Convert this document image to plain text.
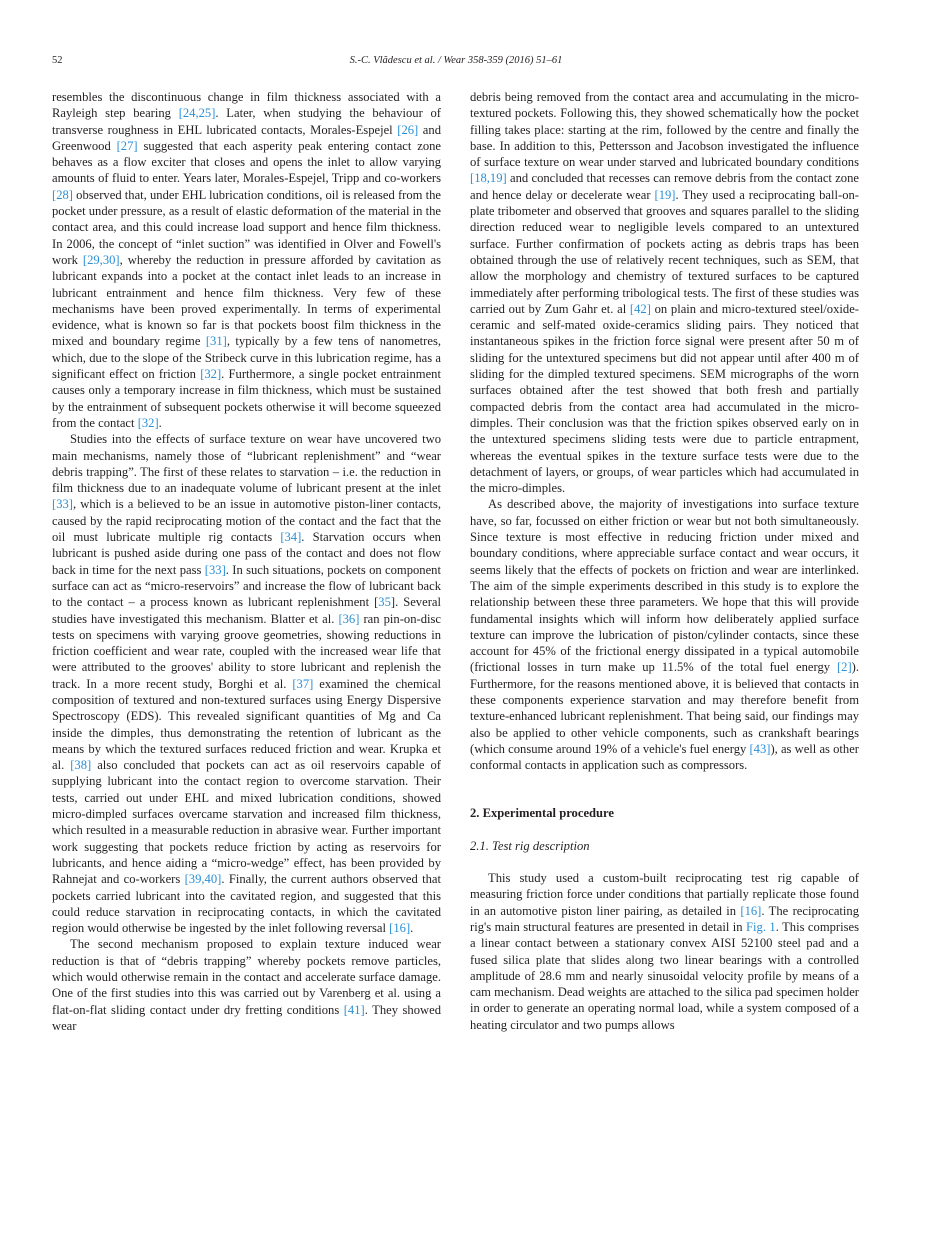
52	S.-C. Vlădescu et al. / Wear 358-359 (2016) 51–61

resembles the discontinuous change in film thickness associated with a Rayleigh step bearing [24,25]. Later, when studying the behaviour of transverse roughness in EHL lubricated contacts, Morales-Espejel [26] and Greenwood [27] suggested that each asperity peak entering contact zone behaves as a flow exciter that closes and opens the inlet to allow varying amounts of fluid to enter. Years later, Morales-Espejel, Tripp and co-workers [28] observed that, under EHL lubrication conditions, oil is released from the pocket under pressure, as a result of elastic deformation of the material in the contact area, and this could increase load support and hence film thickness. In 2006, the concept of “inlet suction” was identified in Olver and Fowell's work [29,30], whereby the reduction in pressure afforded by cavitation as lubricant expands into a pocket at the contact inlet leads to an increase in lubricant entrainment and hence film thickness. Very few of these mechanisms have been proved experimentally. In terms of experimental evidence, what is known so far is that pockets boost film thickness in the mixed and boundary regime [31], typically by a few tens of nanometres, which, due to the slope of the Stribeck curve in this lubrication regime, has a significant effect on friction [32]. Furthermore, a single pocket entrainment causes only a temporary increase in film thickness, which must be sustained by the entrainment of subsequent pockets otherwise it will become squeezed from the contact [32].

Studies into the effects of surface texture on wear have uncovered two main mechanisms, namely those of “lubricant replenishment” and “wear debris trapping”. The first of these relates to starvation – i.e. the reduction in film thickness due to an inadequate volume of lubricant present at the inlet [33], which is a believed to be an issue in automotive piston-liner contacts, caused by the rapid reciprocating motion of the contact and the fact that the oil must lubricate multiple rig contacts [34]. Starvation occurs when lubricant is pushed aside during one pass of the contact and does not flow back in time for the next pass [33]. In such situations, pockets on component surface can act as “micro-reservoirs” and increase the flow of lubricant back to the contact – a process known as lubricant replenishment [35]. Several studies have investigated this mechanism. Blatter et al. [36] ran pin-on-disc tests on specimens with varying groove geometries, showing reductions in friction coefficient and wear rate, coupled with the increased wear life that were attributed to the grooves' ability to store lubricant and replenish the track. In a more recent study, Borghi et al. [37] examined the chemical composition of textured and non-textured surfaces using Energy Dispersive Spectroscopy (EDS). This revealed significant quantities of Mg and Ca inside the dimples, thus demonstrating the retention of lubricant as the means by which the textured surfaces reduced friction and wear. Krupka et al. [38] also concluded that pockets can act as oil reservoirs capable of supplying lubricant into the contact region to overcome starvation. Their tests, carried out under EHL and mixed lubrication conditions, showed micro-dimpled surfaces overcame starvation and increased film thickness, which resulted in a measurable reduction in abrasive wear. Further important work suggesting that pockets reduce friction by acting as reservoirs for lubricants, and hence aiding a “micro-wedge” effect, has been provided by Rahnejat and co-workers [39,40]. Finally, the current authors observed that pockets carried lubricant into the cavitated region, and suggested that this could reduce starvation in reciprocating contacts, in which the cavitated region would otherwise be ingested by the inlet following reversal [16].

The second mechanism proposed to explain texture induced wear reduction is that of “debris trapping” whereby pockets remove particles, which would otherwise remain in the contact and accelerate surface damage. One of the first studies into this was carried out by Varenberg et al. using a flat-on-flat sliding contact under dry fretting conditions [41]. They showed wear

debris being removed from the contact area and accumulating in the micro-textured pockets. Following this, they showed schematically how the pocket filling takes place: starting at the rim, followed by the centre and finally the base. In addition to this, Pettersson and Jacobson investigated the influence of surface texture on wear under starved and lubricated boundary conditions [18,19] and concluded that recesses can remove debris from the contact zone and hence delay or decelerate wear [19]. They used a reciprocating ball-on-plate tribometer and observed that grooves and squares parallel to the sliding direction reduced wear to negligible levels compared to an untextured surface. Further confirmation of pockets acting as debris traps has been obtained through the use of relatively recent techniques, such as SEM, that allow the morphology and chemistry of textured surfaces to be captured immediately after performing tribological tests. The first of these studies was carried out by Zum Gahr et. al [42] on plain and micro-textured steel/oxide-ceramic and self-mated oxide-ceramics sliding pairs. They noticed that instantaneous spikes in the friction force signal were present after 50 m of sliding for the untextured specimens but did not appear until after 400 m of sliding for the dimpled textured specimens. SEM micrographs of the worn surfaces obtained after the test showed that both fresh and partially compacted debris from the contact area had accumulated in the micro-dimples. Their conclusion was that the friction spikes observed early on in the untextured specimens sliding tests were due to particle entrapment, whereas the eventual spikes in the texture surface tests were due to the detachment of layers, or groups, of wear particles which had accumulated in the micro-dimples.

As described above, the majority of investigations into surface texture have, so far, focussed on either friction or wear but not both simultaneously. Since texture is most effective in reducing friction under mixed and boundary conditions, where appreciable surface contact and wear occurs, it seems likely that the effects of pockets on friction and wear are interlinked. The aim of the simple experiments described in this study is to explore the relationship between these three parameters. We hope that this will provide fundamental insights which will inform how deliberately applied surface texture can improve the lubrication of piston/cylinder contacts, since these account for 45% of the frictional energy dissipated in a typical automobile (frictional losses in turn make up 11.5% of the total fuel energy [2]). Furthermore, for the reasons mentioned above, it is believed that contacts in these components experience starvation and may therefore benefit from texture-enhanced lubricant replenishment. That being said, our findings may also be applied to other vehicle components, such as crankshaft bearings (which consume around 19% of a vehicle's fuel energy [43]), as well as other conformal contacts in application such as compressors.

2. Experimental procedure
2.1. Test rig description

This study used a custom-built reciprocating test rig capable of measuring friction force under conditions that partially replicate those found in an automotive piston liner pairing, as detailed in [16]. The reciprocating rig's main structural features are presented in detail in Fig. 1. This comprises a linear contact between a stationary convex AISI 52100 steel pad and a fused silica plate that slides along two linear bearings with a controlled amplitude of 28.6 mm and nearly sinusoidal velocity profile by means of a cam mechanism. Dead weights are attached to the silica pad specimen holder in order to generate an operating normal load, while a system composed of a heating circulator and two pumps allows
